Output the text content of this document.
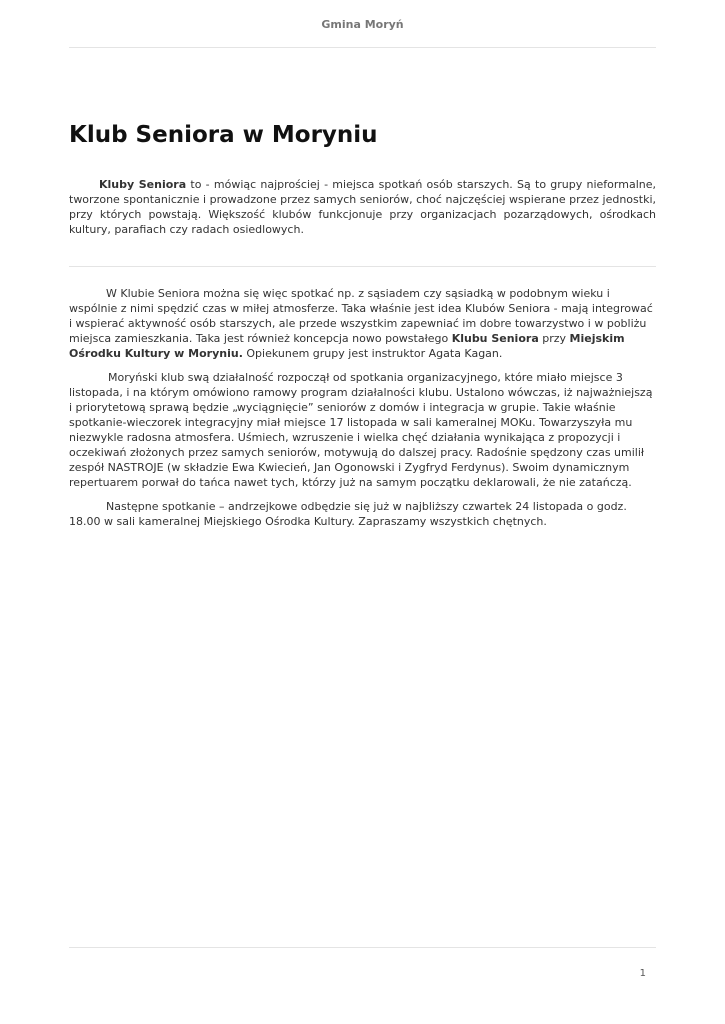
Gmina Moryń
Klub Seniora w Moryniu

Kluby Seniora to - mówiąc najprościej - miejsca spotkań osób starszych. Są to grupy nieformalne, tworzone spontanicznie i prowadzone przez samych seniorów, choć najczęściej wspierane przez jednostki, przy których powstają. Większość klubów funkcjonuje przy organizacjach pozarządowych, ośrodkach kultury, parafiach czy radach osiedlowych.

W Klubie Seniora można się więc spotkać np. z sąsiadem czy sąsiadką w podobnym wieku i wspólnie z nimi spędzić czas w miłej atmosferze. Taka właśnie jest idea Klubów Seniora - mają integrować i wspierać aktywność osób starszych, ale przede wszystkim zapewniać im dobre towarzystwo i w pobliżu miejsca zamieszkania. Taka jest również koncepcja nowo powstałego Klubu Seniora przy Miejskim Ośrodku Kultury w Moryniu. Opiekunem grupy jest instruktor Agata Kagan.

Moryński klub swą działalność rozpoczął od spotkania organizacyjnego, które miało miejsce 3 listopada, i na którym omówiono ramowy program działalności klubu. Ustalono wówczas, iż najważniejszą i priorytetową sprawą będzie „wyciągnięcie” seniorów z domów i integracja w grupie. Takie właśnie spotkanie-wieczorek integracyjny miał miejsce 17 listopada w sali kameralnej MOKu. Towarzyszyła mu niezwykle radosna atmosfera. Uśmiech, wzruszenie i wielka chęć działania wynikająca z propozycji i oczekiwań złożonych przez samych seniorów, motywują do dalszej pracy. Radośnie spędzony czas umilił zespół NASTROJE (w składzie Ewa Kwiecień, Jan Ogonowski i Zygfryd Ferdynus). Swoim dynamicznym repertuarem porwał do tańca nawet tych, którzy już na samym początku deklarowali, że nie zatańczą.

Następne spotkanie – andrzejkowe odbędzie się już w najbliższy czwartek 24 listopada o godz. 18.00 w sali kameralnej Miejskiego Ośrodka Kultury. Zapraszamy wszystkich chętnych.

1
